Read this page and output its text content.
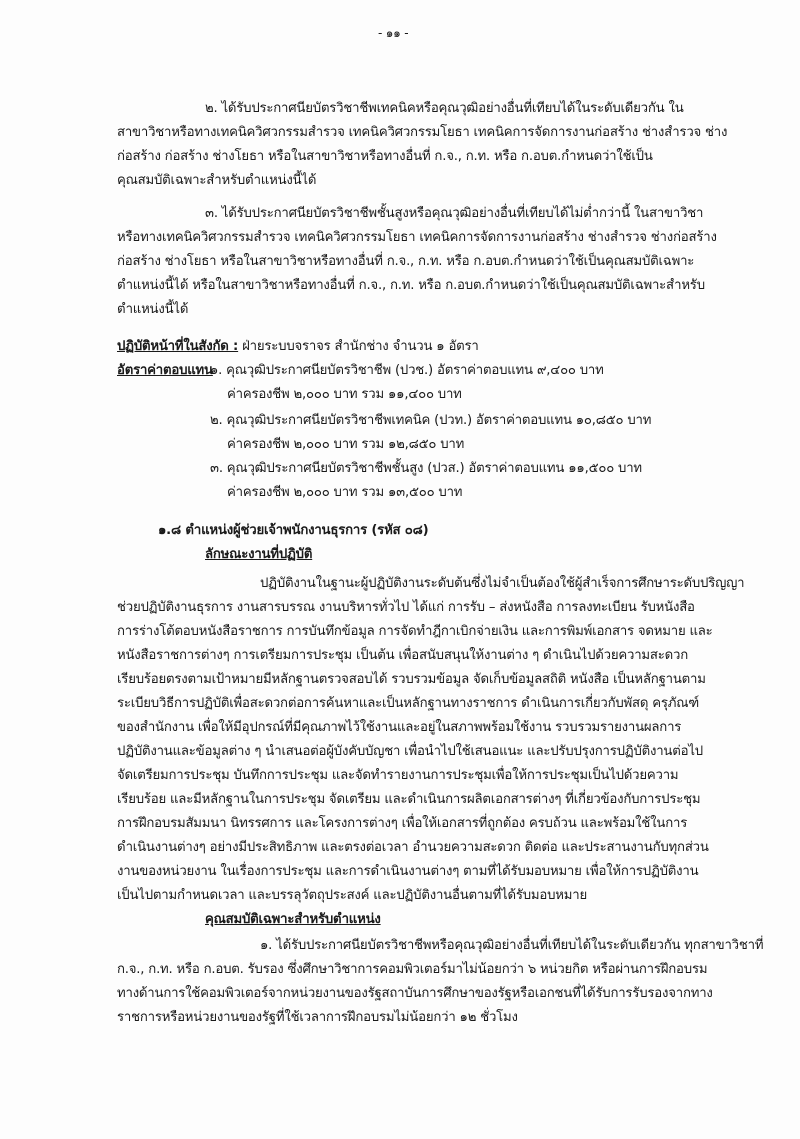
- ๑๑ -
๒. ได้รับประกาศนียบัตรวิชาชีพเทคนิคหรือคุณวุฒิอย่างอื่นที่เทียบได้ในระดับเดียวกัน ใน
สาขาวิชาหรือทางเทคนิควิศวกรรมสำรวจ เทคนิควิศวกรรมโยธา เทคนิคการจัดการงานก่อสร้าง ช่างสำรวจ ช่าง
ก่อสร้าง ก่อสร้าง ช่างโยธา หรือในสาขาวิชาหรือทางอื่นที่ ก.จ., ก.ท. หรือ ก.อบต.กำหนดว่าใช้เป็น
คุณสมบัติเฉพาะสำหรับตำแหน่งนี้ได้
๓. ได้รับประกาศนียบัตรวิชาชีพชั้นสูงหรือคุณวุฒิอย่างอื่นที่เทียบได้ไม่ต่ำกว่านี้ ในสาขาวิชา
หรือทางเทคนิควิศวกรรมสำรวจ เทคนิควิศวกรรมโยธา เทคนิคการจัดการงานก่อสร้าง ช่างสำรวจ ช่างก่อสร้าง
ก่อสร้าง ช่างโยธา หรือในสาขาวิชาหรือทางอื่นที่ ก.จ., ก.ท. หรือ ก.อบต.กำหนดว่าใช้เป็นคุณสมบัติเฉพาะ
ตำแหน่งนี้ได้ หรือในสาขาวิชาหรือทางอื่นที่ ก.จ., ก.ท. หรือ ก.อบต.กำหนดว่าใช้เป็นคุณสมบัติเฉพาะสำหรับ
ตำแหน่งนี้ได้
ปฏิบัติหน้าที่ในสังกัด : ฝ่ายระบบจราจร สำนักช่าง จำนวน ๑ อัตรา
อัตราค่าตอบแทน
๑. คุณวุฒิประกาศนียบัตรวิชาชีพ (ปวช.) อัตราค่าตอบแทน ๙,๔๐๐ บาท
ค่าครองชีพ ๒,๐๐๐ บาท รวม ๑๑,๔๐๐ บาท
๒. คุณวุฒิประกาศนียบัตรวิชาชีพเทคนิค (ปวท.) อัตราค่าตอบแทน ๑๐,๘๕๐ บาท
ค่าครองชีพ ๒,๐๐๐ บาท รวม ๑๒,๘๕๐ บาท
๓. คุณวุฒิประกาศนียบัตรวิชาชีพชั้นสูง (ปวส.) อัตราค่าตอบแทน ๑๑,๕๐๐ บาท
ค่าครองชีพ ๒,๐๐๐ บาท รวม ๑๓,๕๐๐ บาท
๑.๘ ตำแหน่งผู้ช่วยเจ้าพนักงานธุรการ (รหัส ๐๘)
ลักษณะงานที่ปฏิบัติ
ปฏิบัติงานในฐานะผู้ปฏิบัติงานระดับต้นซึ่งไม่จำเป็นต้องใช้ผู้สำเร็จการศึกษาระดับปริญญา
ช่วยปฏิบัติงานธุรการ งานสารบรรณ งานบริหารทั่วไป ได้แก่ การรับ – ส่งหนังสือ การลงทะเบียน รับหนังสือ
การร่างโต้ตอบหนังสือราชการ การบันทึกข้อมูล การจัดทำฎีกาเบิกจ่ายเงิน และการพิมพ์เอกสาร จดหมาย และ
หนังสือราชการต่างๆ การเตรียมการประชุม เป็นต้น เพื่อสนับสนุนให้งานต่าง ๆ ดำเนินไปด้วยความสะดวก
เรียบร้อยตรงตามเป้าหมายมีหลักฐานตรวจสอบได้ รวบรวมข้อมูล จัดเก็บข้อมูลสถิติ หนังสือ เป็นหลักฐานตาม
ระเบียบวิธีการปฏิบัติเพื่อสะดวกต่อการค้นหาและเป็นหลักฐานทางราชการ ดำเนินการเกี่ยวกับพัสดุ ครุภัณฑ์
ของสำนักงาน เพื่อให้มีอุปกรณ์ที่มีคุณภาพไว้ใช้งานและอยู่ในสภาพพร้อมใช้งาน รวบรวมรายงานผลการ
ปฏิบัติงานและข้อมูลต่าง ๆ นำเสนอต่อผู้บังคับบัญชา เพื่อนำไปใช้เสนอแนะ และปรับปรุงการปฏิบัติงานต่อไป
จัดเตรียมการประชุม บันทึกการประชุม และจัดทำรายงานการประชุมเพื่อให้การประชุมเป็นไปด้วยความ
เรียบร้อย และมีหลักฐานในการประชุม จัดเตรียม และดำเนินการผลิตเอกสารต่างๆ ที่เกี่ยวข้องกับการประชุม
การฝึกอบรมสัมมนา นิทรรศการ และโครงการต่างๆ เพื่อให้เอกสารที่ถูกต้อง ครบถ้วน และพร้อมใช้ในการ
ดำเนินงานต่างๆ อย่างมีประสิทธิภาพ และตรงต่อเวลา อำนวยความสะดวก ติดต่อ และประสานงานกับทุกส่วน
งานของหน่วยงาน ในเรื่องการประชุม และการดำเนินงานต่างๆ ตามที่ได้รับมอบหมาย เพื่อให้การปฏิบัติงาน
เป็นไปตามกำหนดเวลา และบรรลุวัตถุประสงค์ และปฏิบัติงานอื่นตามที่ได้รับมอบหมาย
คุณสมบัติเฉพาะสำหรับตำแหน่ง
๑. ได้รับประกาศนียบัตรวิชาชีพหรือคุณวุฒิอย่างอื่นที่เทียบได้ในระดับเดียวกัน ทุกสาขาวิชาที่
ก.จ., ก.ท. หรือ ก.อบต. รับรอง ซึ่งศึกษาวิชาการคอมพิวเตอร์มาไม่น้อยกว่า ๖ หน่วยกิต หรือผ่านการฝึกอบรม
ทางด้านการใช้คอมพิวเตอร์จากหน่วยงานของรัฐสถาบันการศึกษาของรัฐหรือเอกชนที่ได้รับการรับรองจากทาง
ราชการหรือหน่วยงานของรัฐที่ใช้เวลาการฝึกอบรมไม่น้อยกว่า ๑๒ ชั่วโมง
